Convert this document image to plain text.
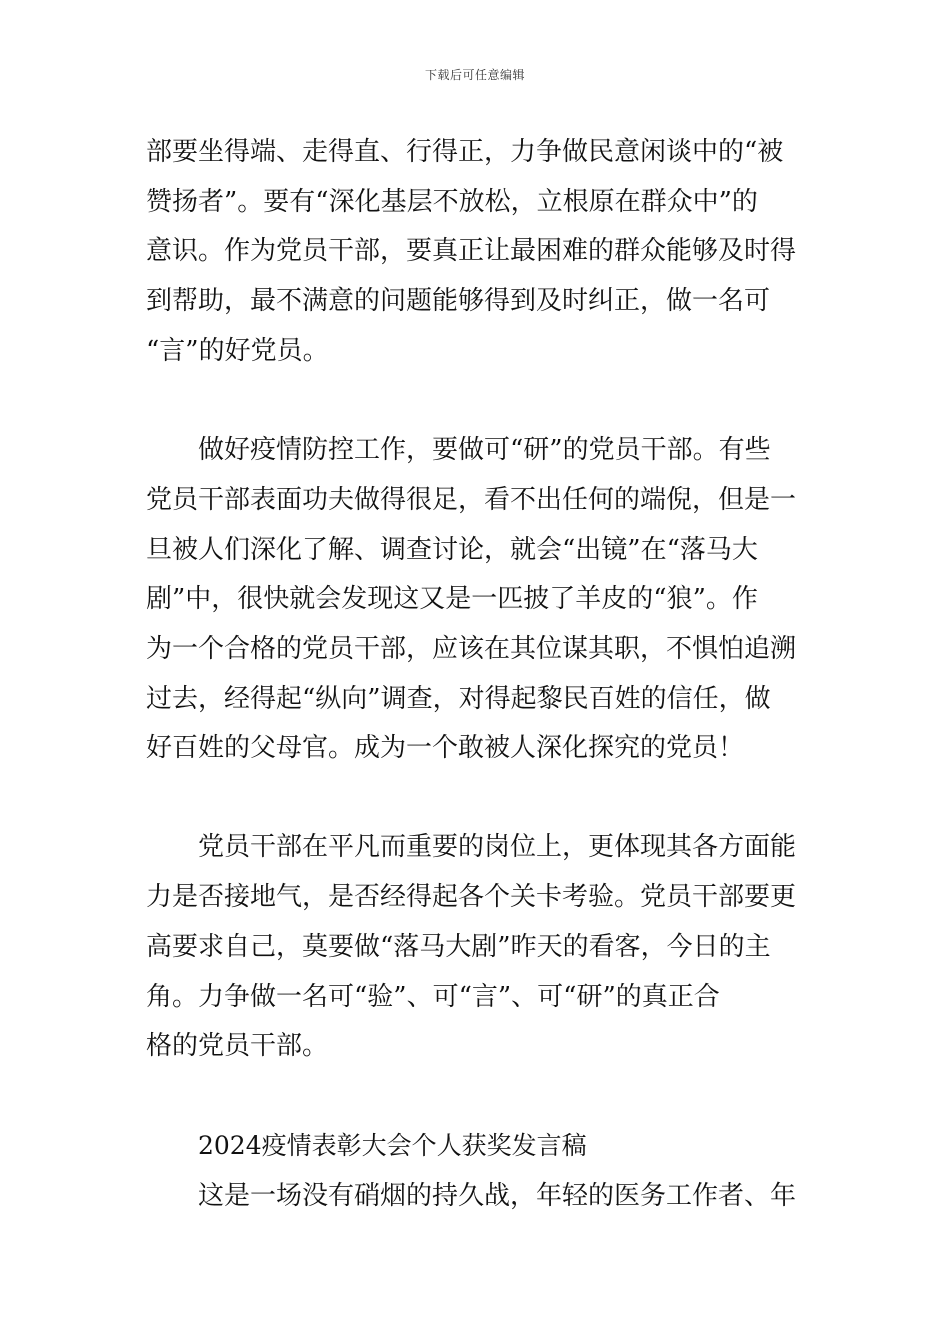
下载后可任意编辑
部要坐得端、走得直、行得正，力争做民意闲谈中的“被
赞扬者”。要有“深化基层不放松，立根原在群众中”的
意识。作为党员干部，要真正让最困难的群众能够及时得
到帮助，最不满意的问题能够得到及时纠正，做一名可
“言”的好党员。
做好疫情防控工作，要做可“研”的党员干部。有些
党员干部表面功夫做得很足，看不出任何的端倪，但是一
旦被人们深化了解、调查讨论，就会“出镜”在“落马大
剧”中，很快就会发现这又是一匹披了羊皮的“狼”。作
为一个合格的党员干部，应该在其位谋其职，不惧怕追溯
过去，经得起“纵向”调查，对得起黎民百姓的信任，做
好百姓的父母官。成为一个敢被人深化探究的党员！
党员干部在平凡而重要的岗位上，更体现其各方面能
力是否接地气，是否经得起各个关卡考验。党员干部要更
高要求自己，莫要做“落马大剧”昨天的看客，今日的主
角。力争做一名可“验”、可“言”、可“研”的真正合
格的党员干部。
2024疫情表彰大会个人获奖发言稿
这是一场没有硝烟的持久战，年轻的医务工作者、年
